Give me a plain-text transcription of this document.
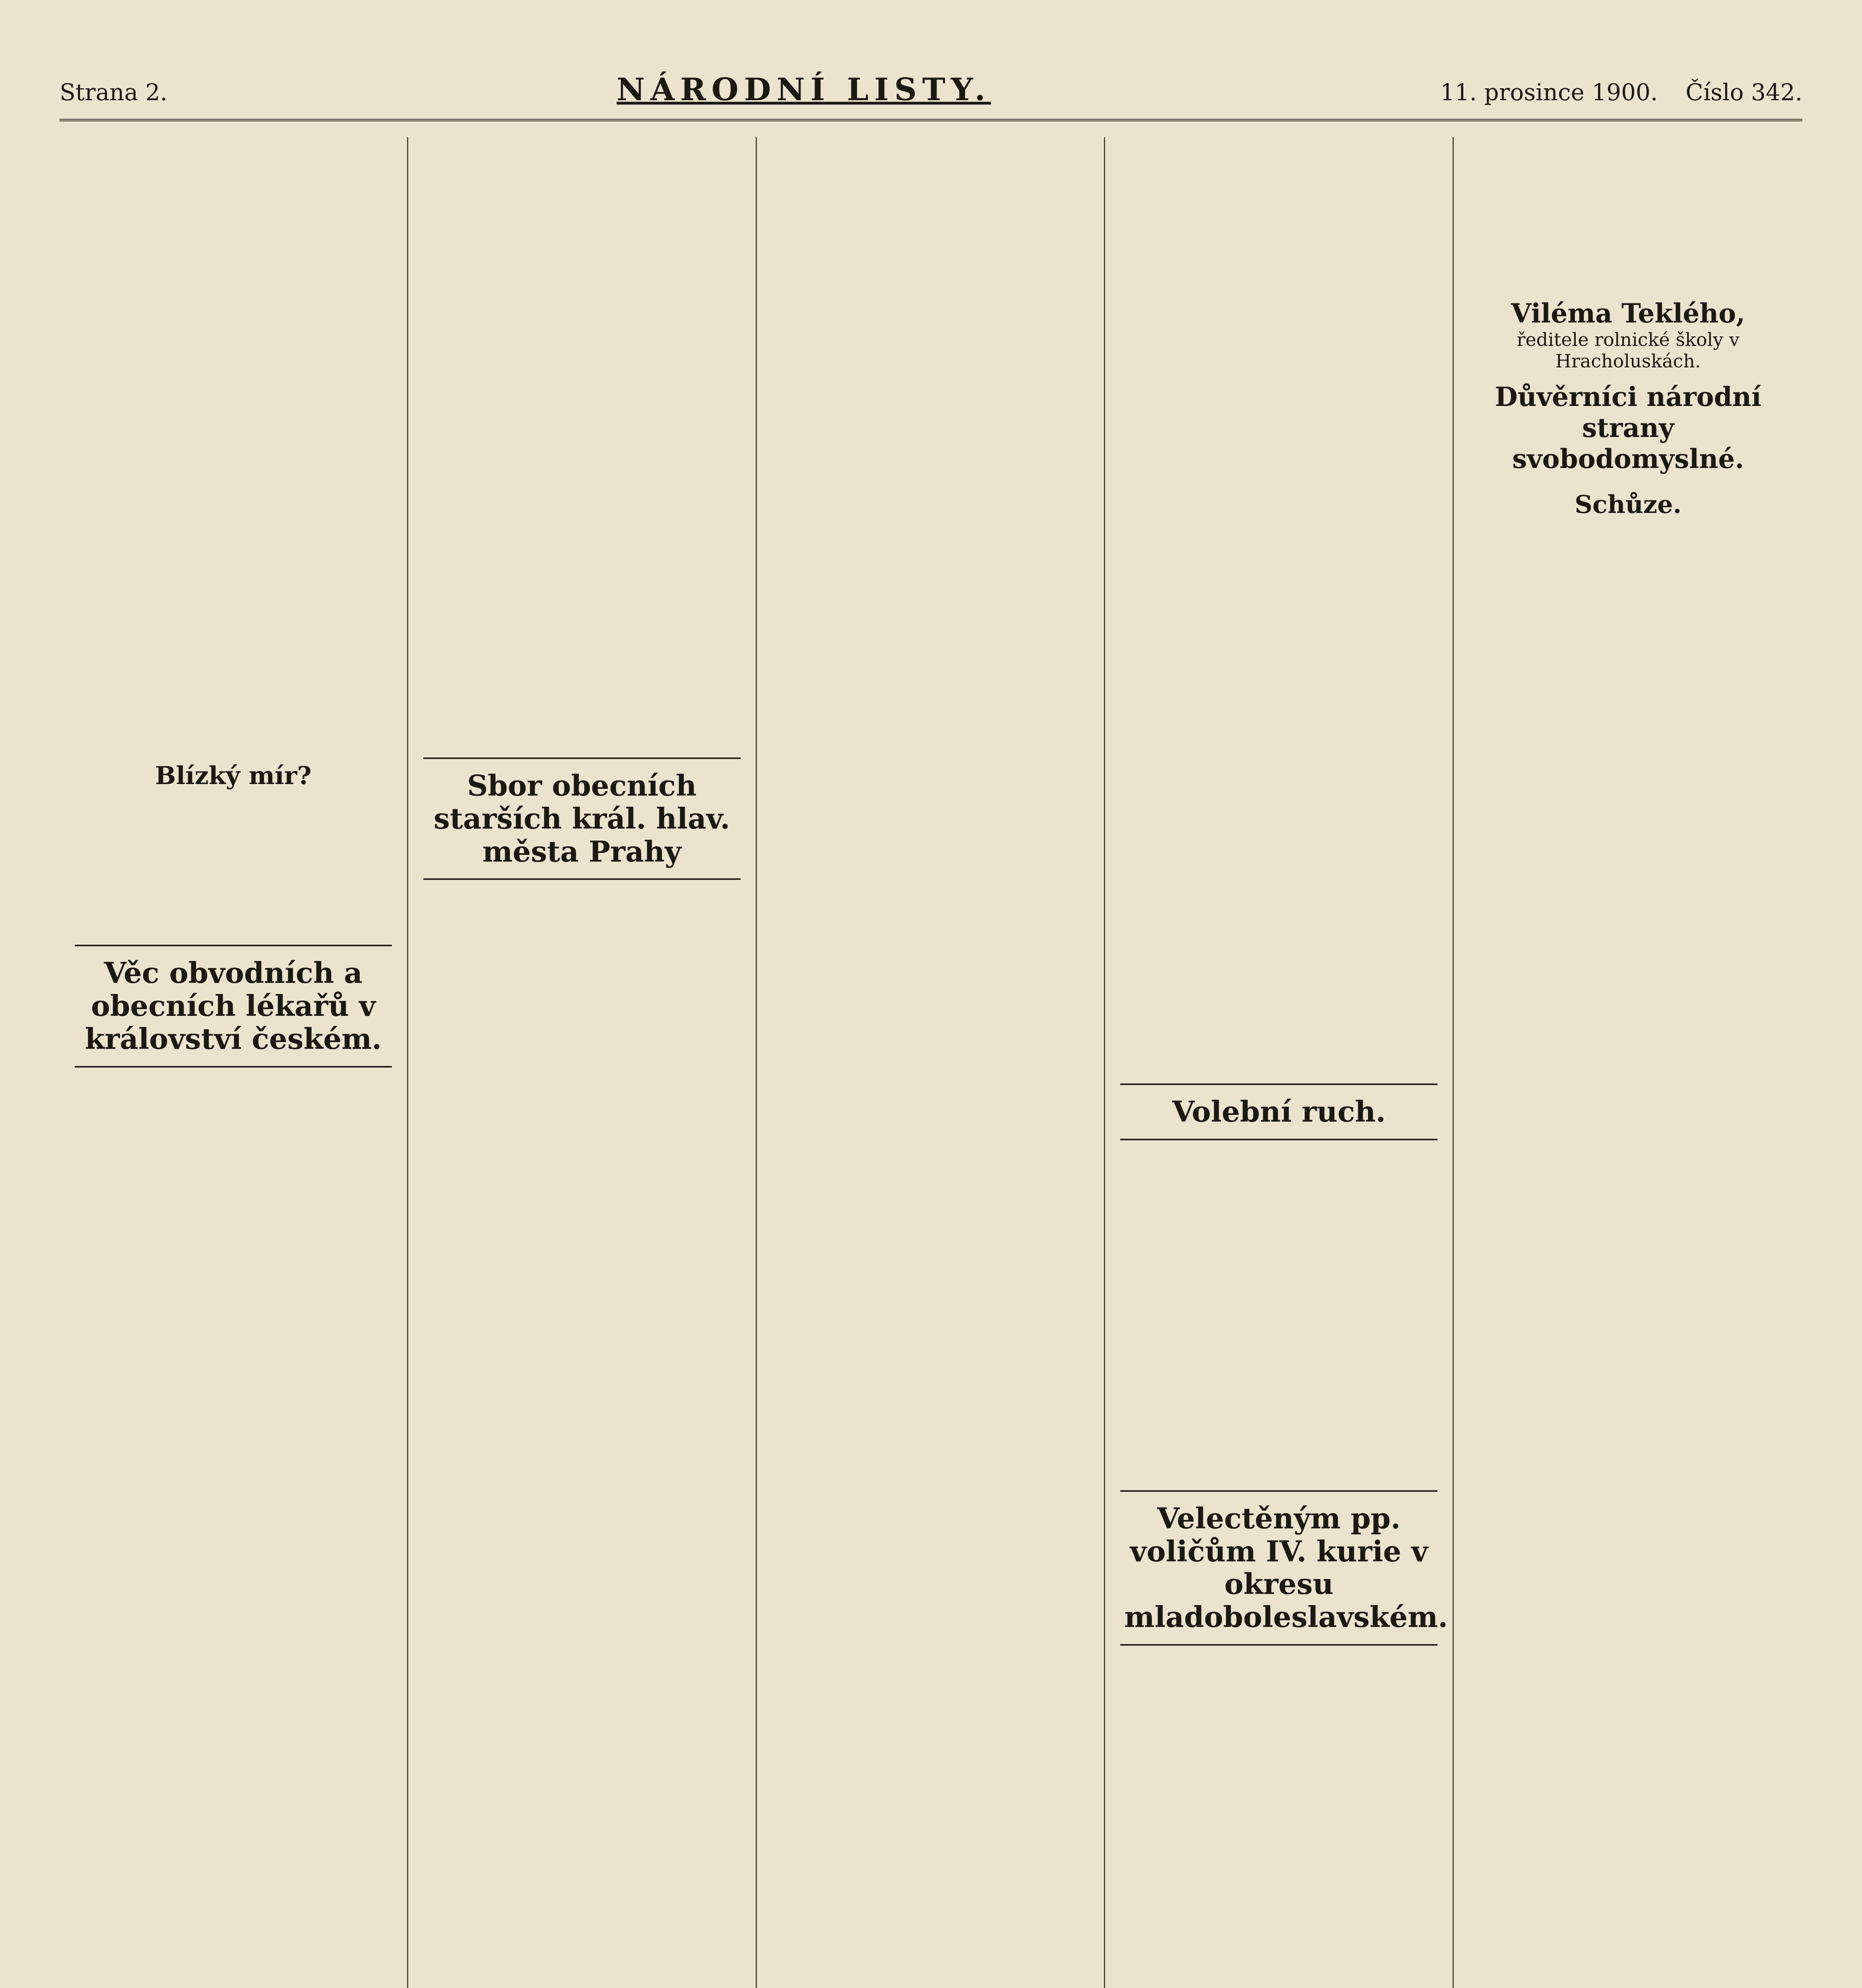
Strana 2.	NÁRODNÍ LISTY.	11. prosince 1900. Číslo 342.
Blízký mír?
Věc obvodních a obecních lékařů v království českém.
Sbor obecních starších král. hlav. města Prahy
Volební ruch.
Velectěným pp. voličům IV. kurie v okresu mladoboleslavském.
Viléma Teklého,
ředitele rolnické školy v Hracholuskách.
Důvěrníci národní strany svobodomyslné.
Schůze.
